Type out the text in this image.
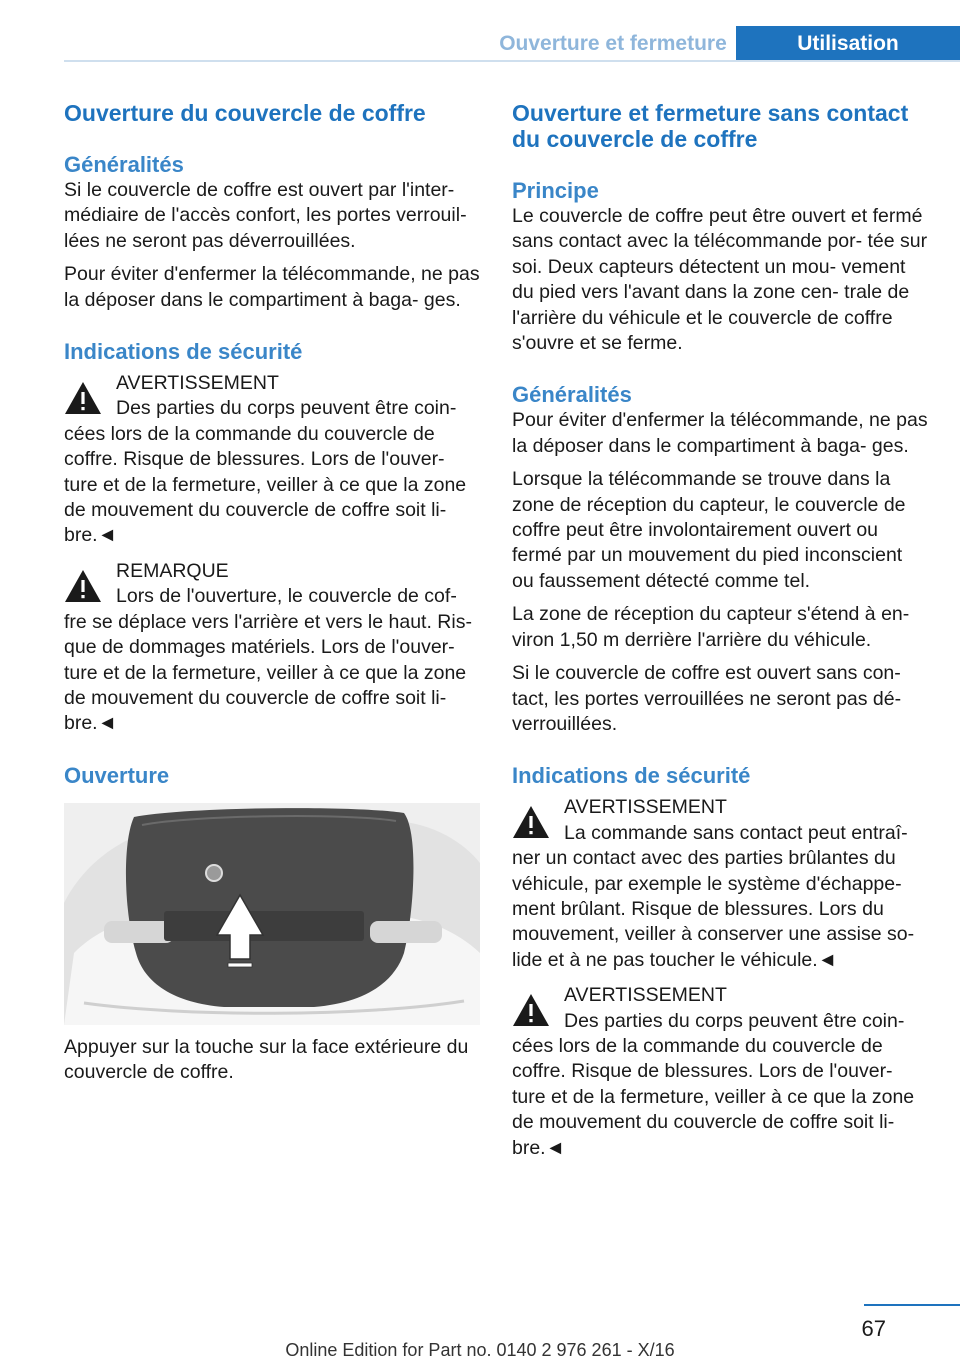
Ouverture et fermeture	Utilisation
Ouverture du couvercle de coffre
Généralités

Si le couvercle de coffre est ouvert par l'inter‐ médiaire de l'accès confort, les portes verrouil‐ lées ne seront pas déverrouillées.

Pour éviter d'enfermer la télécommande, ne pas la déposer dans le compartiment à baga‐ ges.

Indications de sécurité

AVERTISSEMENT

Des parties du corps peuvent être coin‐

cées lors de la commande du couvercle de coffre. Risque de blessures. Lors de l'ouver‐ ture et de la fermeture, veiller à ce que la zone de mouvement du couvercle de coffre soit li‐ bre.◄

REMARQUE

Lors de l'ouverture, le couvercle de cof‐

fre se déplace vers l'arrière et vers le haut. Ris‐ que de dommages matériels. Lors de l'ouver‐ ture et de la fermeture, veiller à ce que la zone de mouvement du couvercle de coffre soit li‐ bre.◄

Ouverture

Appuyer sur la touche sur la face extérieure du couvercle de coffre.

Ouverture et fermeture sans contact du couvercle de coffre
Principe

Le couvercle de coffre peut être ouvert et fermé sans contact avec la télécommande por‐ tée sur soi. Deux capteurs détectent un mou‐ vement du pied vers l'avant dans la zone cen‐ trale de l'arrière du véhicule et le couvercle de coffre s'ouvre et se ferme.

Généralités

Pour éviter d'enfermer la télécommande, ne pas la déposer dans le compartiment à baga‐ ges.

Lorsque la télécommande se trouve dans la zone de réception du capteur, le couvercle de coffre peut être involontairement ouvert ou fermé par un mouvement du pied inconscient ou faussement détecté comme tel.

La zone de réception du capteur s'étend à en‐ viron 1,50 m derrière l'arrière du véhicule.

Si le couvercle de coffre est ouvert sans con‐ tact, les portes verrouillées ne seront pas dé‐ verrouillées.

Indications de sécurité

AVERTISSEMENT

La commande sans contact peut entraî‐

ner un contact avec des parties brûlantes du véhicule, par exemple le système d'échappe‐ ment brûlant. Risque de blessures. Lors du mouvement, veiller à conserver une assise so‐ lide et à ne pas toucher le véhicule.◄

AVERTISSEMENT

Des parties du corps peuvent être coin‐

cées lors de la commande du couvercle de coffre. Risque de blessures. Lors de l'ouver‐ ture et de la fermeture, veiller à ce que la zone de mouvement du couvercle de coffre soit li‐ bre.◄

67
Online Edition for Part no. 0140 2 976 261 - X/16
